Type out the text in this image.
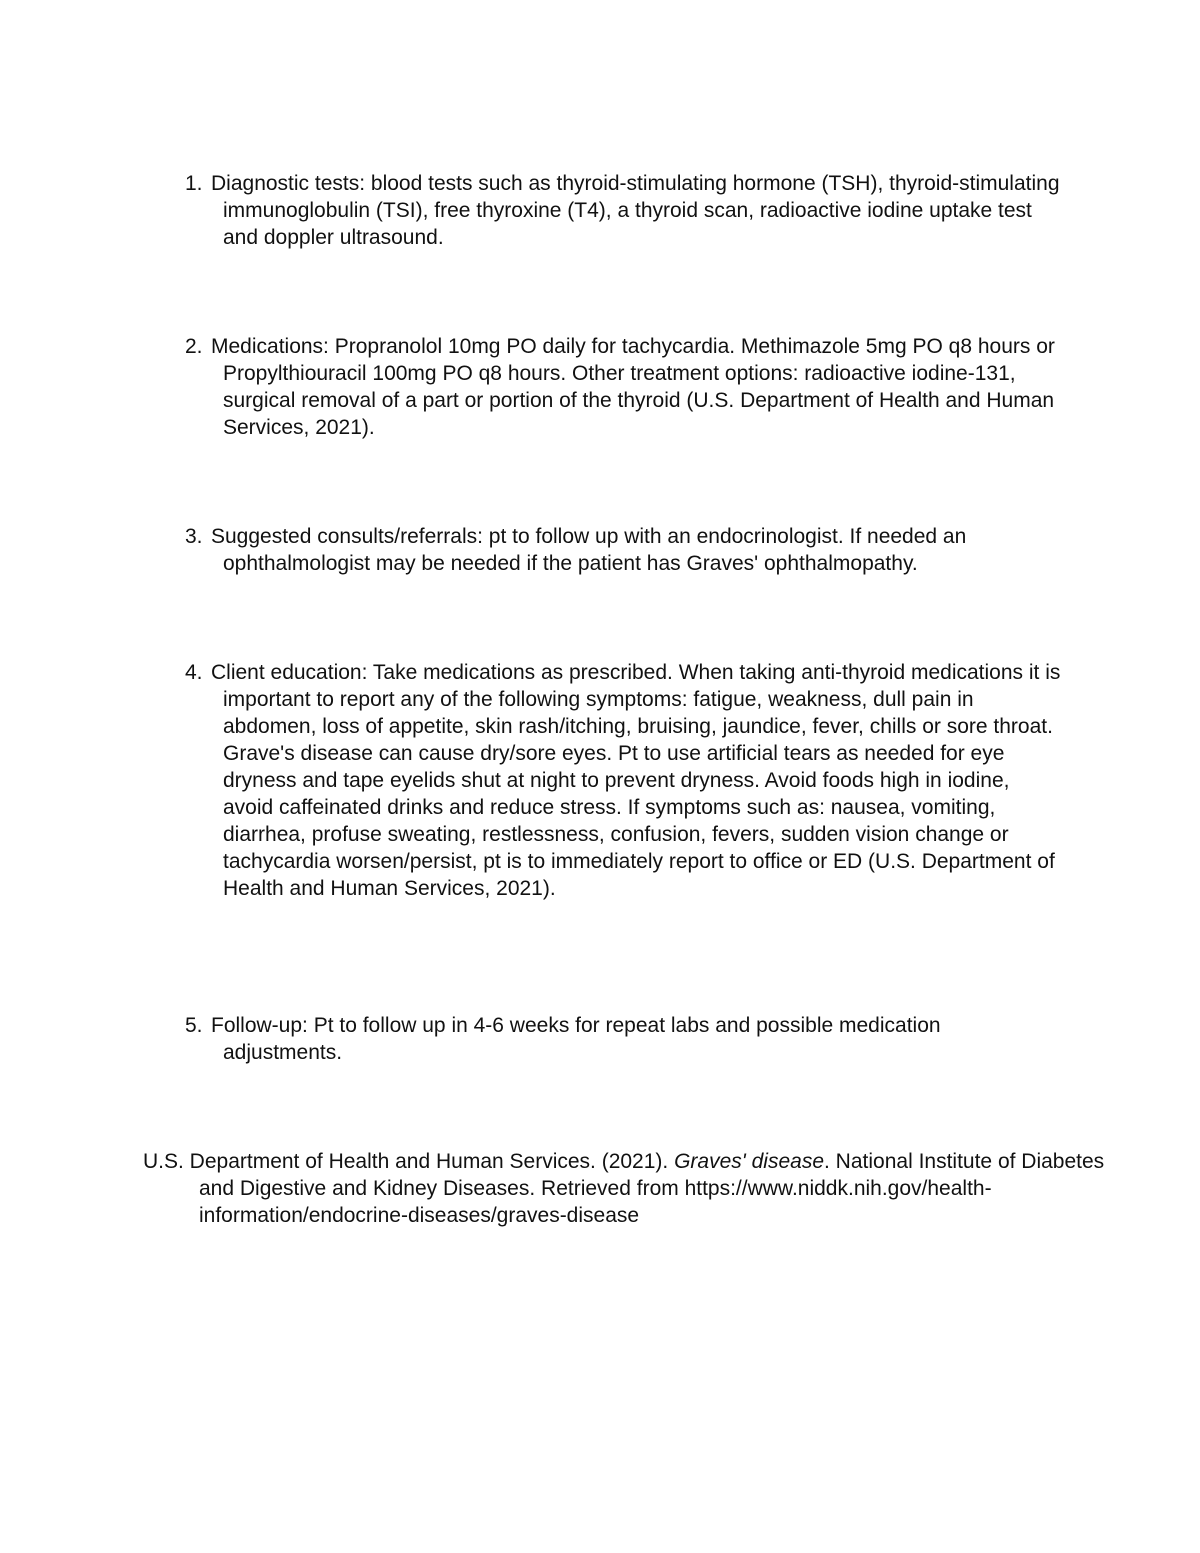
1. Diagnostic tests: blood tests such as thyroid-stimulating hormone (TSH), thyroid-stimulating immunoglobulin (TSI), free thyroxine (T4), a thyroid scan, radioactive iodine uptake test and doppler ultrasound.
2. Medications: Propranolol 10mg PO daily for tachycardia. Methimazole 5mg PO q8 hours or Propylthiouracil 100mg PO q8 hours. Other treatment options: radioactive iodine-131, surgical removal of a part or portion of the thyroid (U.S. Department of Health and Human Services, 2021).
3. Suggested consults/referrals: pt to follow up with an endocrinologist. If needed an ophthalmologist may be needed if the patient has Graves' ophthalmopathy.
4. Client education: Take medications as prescribed. When taking anti-thyroid medications it is important to report any of the following symptoms: fatigue, weakness, dull pain in abdomen, loss of appetite, skin rash/itching, bruising, jaundice, fever, chills or sore throat. Grave's disease can cause dry/sore eyes. Pt to use artificial tears as needed for eye dryness and tape eyelids shut at night to prevent dryness. Avoid foods high in iodine, avoid caffeinated drinks and reduce stress. If symptoms such as: nausea, vomiting, diarrhea, profuse sweating, restlessness, confusion, fevers, sudden vision change or tachycardia worsen/persist, pt is to immediately report to office or ED (U.S. Department of Health and Human Services, 2021).
5. Follow-up: Pt to follow up in 4-6 weeks for repeat labs and possible medication adjustments.
U.S. Department of Health and Human Services. (2021). Graves' disease. National Institute of Diabetes and Digestive and Kidney Diseases. Retrieved from https://www.niddk.nih.gov/health-information/endocrine-diseases/graves-disease
